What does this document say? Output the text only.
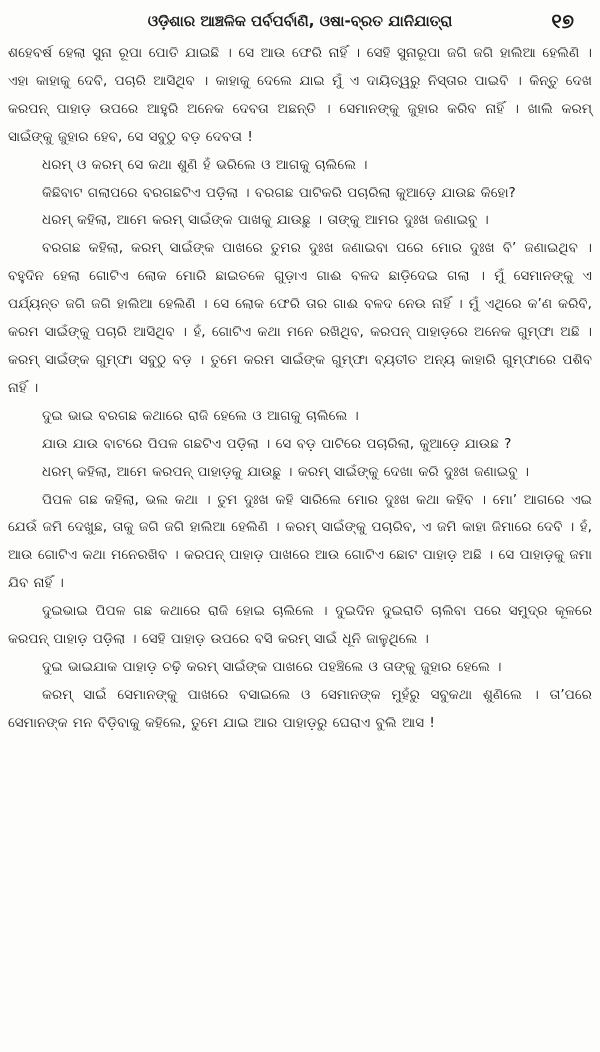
ଓଡ଼ିଶାର ଆଞ୍ଚଳିକ ପର୍ବପର୍ବାଣି, ଓଷା-ବ୍ରତ ଯାନିଯାତ୍ରା	୧୭

ଶହେବର୍ଷ ହେଲା ସୁନା ରୂପା ପୋତି ଯାଇଛି । ସେ ଆଉ ଫେରି ନାହିଁ । ସେହି ସୁନାରୂପା ଜଗି ଜଗି ହାଲିଆ ହେଲିଣି । ଏହା କାହାକୁ ଦେବି, ପଚାରି ଆସିଥିବ । କାହାକୁ ଦେଲେ ଯାଇ ମୁଁ ଏ ଦାୟିତ୍ୱରୁ ନିସ୍ତାର ପାଇବି । କିନ୍ତୁ ଦେଖ କରପନ୍ ପାହାଡ଼ ଉପରେ ଆହୁରି ଅନେକ ଦେବତା ଅଛନ୍ତି । ସେମାନଙ୍କୁ ଜୁହାର କରିବ ନାହିଁ । ଖାଲି କରମ୍ ସାଇଁଙ୍କୁ ଜୁହାର ହେବ, ସେ ସବୁଠୁ ବଡ଼ ଦେବତା !

ଧରମ୍ ଓ କରମ୍ ସେ କଥା ଶୁଣି ହଁ ଭରିଲେ ଓ ଆଗକୁ ଚାଲିଲେ ।

କିଛିବାଟ ଗଲାପରେ ବରଗଛଟିଏ ପଡ଼ିଲା । ବରଗଛ ପାଟିକରି ପଚାରିଲା କୁଆଡ଼େ ଯାଉଛ କିହୋ?

ଧରମ୍ କହିଲା, ଆମେ କରମ୍ ସାଇଁଙ୍କ ପାଖକୁ ଯାଉଛୁ । ତାଙ୍କୁ ଆମର ଦୁଃଖ ଜଣାଇବୁ ।

ବରଗଛ କହିଲା, କରମ୍ ସାଇଁଙ୍କ ପାଖରେ ତୁମର ଦୁଃଖ ଜଣାଇବା ପରେ ମୋର ଦୁଃଖ ବି’ ଜଣାଇଥିବ । ବହୁଦିନ ହେଲା ଗୋଟିଏ ଲୋକ ମୋରି ଛାଇତଳେ ଗୁଡ଼ାଏ ଗାଈ ବଳଦ ଛାଡ଼ିଦେଇ ଗଲା । ମୁଁ ସେମାନଙ୍କୁ ଏ ପର୍ଯ୍ୟନ୍ତ ଜଗି ଜଗି ହାଲିଆ ହେଲିଣି । ସେ ଲୋକ ଫେରି ତାର ଗାଈ ବଳଦ ନେଉ ନାହିଁ । ମୁଁ ଏଥିରେ କ’ଣ କରିବି, କରମ ସାଇଁଙ୍କୁ ପଚାରି ଆସିଥିବ । ହଁ, ଗୋଟିଏ କଥା ମନେ ରଖିଥିବ, କରପନ୍ ପାହାଡ଼ରେ ଅନେକ ଗୁମ୍ଫା ଅଛି । କରମ୍ ସାଇଁଙ୍କ ଗୁମ୍ଫା ସବୁଠୁ ବଡ଼ । ତୁମେ କରମ ସାଇଁଙ୍କ ଗୁମ୍ଫା ବ୍ୟତୀତ ଅନ୍ୟ କାହାରି ଗୁମ୍ଫାରେ ପଶିବ ନାହିଁ ।

ଦୁଇ ଭାଇ ବରଗଛ କଥାରେ ରାଜି ହେଲେ ଓ ଆଗକୁ ଚାଲିଲେ ।

ଯାଉ ଯାଉ ବାଟରେ ପିପଳ ଗଛଟିଏ ପଡ଼ିଲା । ସେ ବଡ଼ ପାଟିରେ ପଚାରିଲା, କୁଆଡ଼େ ଯାଉଛ ?

ଧରମ୍ କହିଲା, ଆମେ କରପନ୍ ପାହାଡ଼କୁ ଯାଉଛୁ । କରମ୍ ସାଇଁଙ୍କୁ ଦେଖା କରି ଦୁଃଖ ଜଣାଇବୁ ।

ପିପଳ ଗଛ କହିଲା, ଭଲ କଥା । ତୁମ ଦୁଃଖ କହି ସାରିଲେ ମୋର ଦୁଃଖ କଥା କହିବ । ମୋ’ ଆଗରେ ଏଇ ଯେଉଁ ଜମି ଦେଖୁଛ, ତାକୁ ଜଗି ଜଗି ହାଲିଆ ହେଲିଣି । କରମ୍ ସାଇଁଙ୍କୁ ପଚାରିବ, ଏ ଜମି କାହା ଜିମାରେ ଦେବି । ହଁ, ଆଉ ଗୋଟିଏ କଥା ମନେରଖିବ । କରପନ୍ ପାହାଡ଼ ପାଖରେ ଆଉ ଗୋଟିଏ ଛୋଟ ପାହାଡ଼ ଅଛି । ସେ ପାହାଡ଼କୁ ଜମା ଯିବ ନାହିଁ ।

ଦୁଇଭାଇ ପିପଳ ଗଛ କଥାରେ ରାଜି ହୋଇ ଚାଲିଲେ । ଦୁଇଦିନ ଦୁଇରାତି ଚାଲିବା ପରେ ସମୁଦ୍ର କୂଳରେ କରପନ୍ ପାହାଡ଼ ପଡ଼ିଲା । ସେହି ପାହାଡ଼ ଉପରେ ବସି କରମ୍ ସାଇଁ ଧୂନି ଜାଳୁଥିଲେ ।

ଦୁଇ ଭାଇଯାକ ପାହାଡ଼ ଚଢ଼ି କରମ୍ ସାଇଁଙ୍କ ପାଖରେ ପହଞ୍ଚିଲେ ଓ ତାଙ୍କୁ ଜୁହାର ହେଲେ ।

କରମ୍ ସାଇଁ ସେମାନଙ୍କୁ ପାଖରେ ବସାଇଲେ ଓ ସେମାନଙ୍କ ମୁହଁରୁ ସବୁକଥା ଶୁଣିଲେ । ତା’ପରେ ସେମାନଙ୍କ ମନ ବିଡ଼ିବାକୁ କହିଲେ, ତୁମେ ଯାଇ ଆର ପାହାଡ଼ରୁ ଘେରାଏ ବୁଲି ଆସ !
